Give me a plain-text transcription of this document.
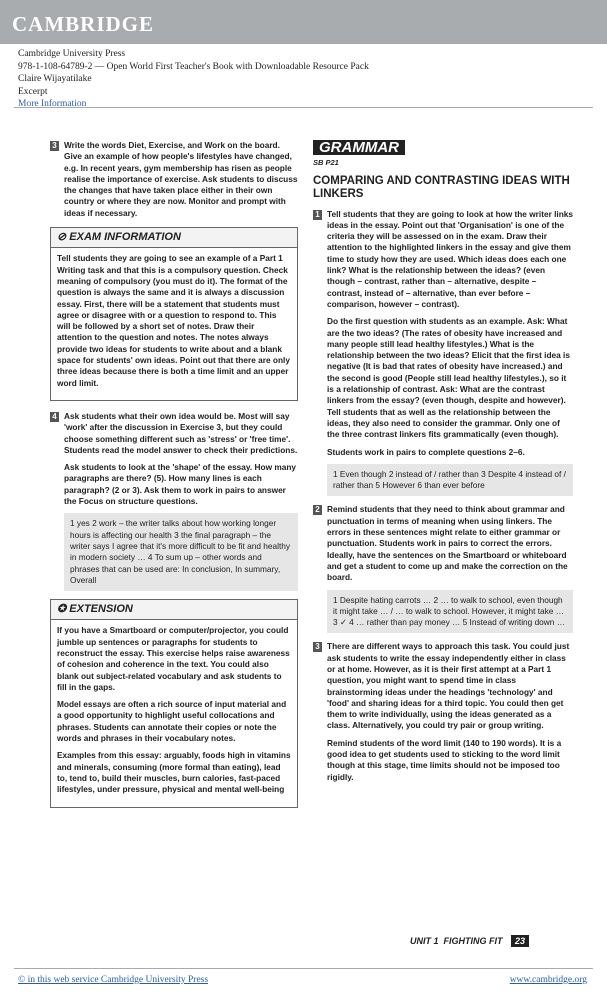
CAMBRIDGE
Cambridge University Press
978-1-108-64789-2 — Open World First Teacher's Book with Downloadable Resource Pack
Claire Wijayatilake
Excerpt
More Information
3 Write the words Diet, Exercise, and Work on the board. Give an example of how people's lifestyles have changed, e.g. In recent years, gym membership has risen as people realise the importance of exercise. Ask students to discuss the changes that have taken place either in their own country or where they are now. Monitor and prompt with ideas if necessary.

⊘ EXAM INFORMATION

Tell students they are going to see an example of a Part 1 Writing task and that this is a compulsory question. Check meaning of compulsory (you must do it). The format of the question is always the same and it is always a discussion essay. First, there will be a statement that students must agree or disagree with or a question to respond to. This will be followed by a short set of notes. Draw their attention to the question and notes. The notes always provide two ideas for students to write about and a blank space for students' own ideas. Point out that there are only three ideas because there is both a time limit and an upper word limit.

4 Ask students what their own idea would be. Most will say 'work' after the discussion in Exercise 3, but they could choose something different such as 'stress' or 'free time'. Students read the model answer to check their predictions.

Ask students to look at the 'shape' of the essay. How many paragraphs are there? (5). How many lines is each paragraph? (2 or 3). Ask them to work in pairs to answer the Focus on structure questions.

1 yes 2 work – the writer talks about how working longer hours is affecting our health 3 the final paragraph – the writer says I agree that it's more difficult to be fit and healthy in modern society … 4 To sum up – other words and phrases that can be used are: In conclusion, In summary, Overall
✪ EXTENSION

If you have a Smartboard or computer/projector, you could jumble up sentences or paragraphs for students to reconstruct the essay. This exercise helps raise awareness of cohesion and coherence in the text. You could also blank out subject-related vocabulary and ask students to fill in the gaps.

Model essays are often a rich source of input material and a good opportunity to highlight useful collocations and phrases. Students can annotate their copies or note the words and phrases in their vocabulary notes.

Examples from this essay: arguably, foods high in vitamins and minerals, consuming (more formal than eating), lead to, tend to, build their muscles, burn calories, fast-paced lifestyles, under pressure, physical and mental well-being

GRAMMAR
SB P21
COMPARING AND CONTRASTING IDEAS WITH LINKERS
1 Tell students that they are going to look at how the writer links ideas in the essay. Point out that 'Organisation' is one of the criteria they will be assessed on in the exam. Draw their attention to the highlighted linkers in the essay and give them time to study how they are used. Which ideas does each one link? What is the relationship between the ideas? (even though – contrast, rather than – alternative, despite – contrast, instead of – alternative, than ever before – comparison, however – contrast).

Do the first question with students as an example. Ask: What are the two ideas? (The rates of obesity have increased and many people still lead healthy lifestyles.) What is the relationship between the two ideas? Elicit that the first idea is negative (It is bad that rates of obesity have increased.) and the second is good (People still lead healthy lifestyles.), so it is a relationship of contrast. Ask: What are the contrast linkers from the essay? (even though, despite and however). Tell students that as well as the relationship between the ideas, they also need to consider the grammar. Only one of the three contrast linkers fits grammatically (even though).

Students work in pairs to complete questions 2–6.

1 Even though 2 instead of / rather than 3 Despite 4 instead of / rather than 5 However 6 than ever before
2 Remind students that they need to think about grammar and punctuation in terms of meaning when using linkers. The errors in these sentences might relate to either grammar or punctuation. Students work in pairs to correct the errors. Ideally, have the sentences on the Smartboard or whiteboard and get a student to come up and make the correction on the board.

1 Despite hating carrots … 2 … to walk to school, even though it might take … / … to walk to school. However, it might take … 3 ✓ 4 … rather than pay money … 5 Instead of writing down …
3 There are different ways to approach this task. You could just ask students to write the essay independently either in class or at home. However, as it is their first attempt at a Part 1 question, you might want to spend time in class brainstorming ideas under the headings 'technology' and 'food' and sharing ideas for a third topic. You could then get them to write individually, using the ideas generated as a class. Alternatively, you could try pair or group writing.

Remind students of the word limit (140 to 190 words). It is a good idea to get students used to sticking to the word limit though at this stage, time limits should not be imposed too rigidly.

UNIT 1 FIGHTING FIT 23
© in this web service Cambridge University Press	www.cambridge.org
